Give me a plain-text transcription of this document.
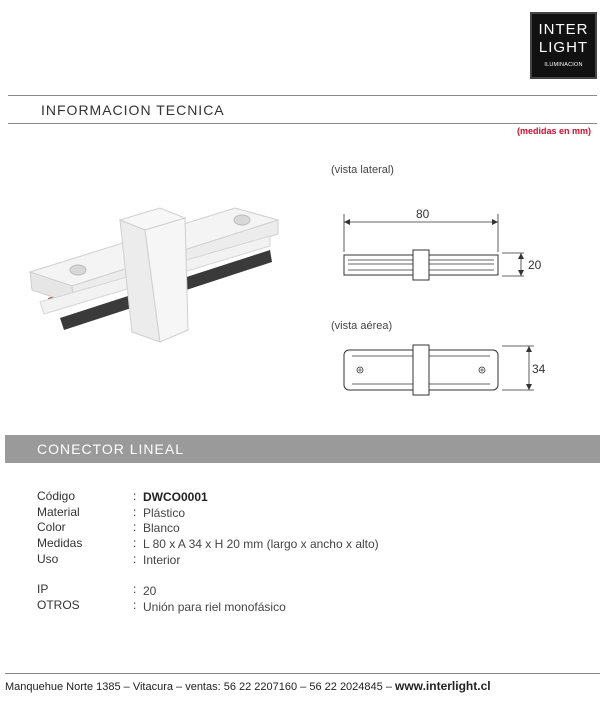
INTER
LIGHT
ILUMINACION
INFORMACION TECNICA
(medidas en mm)
(vista lateral)
80
20
(vista aérea)
34
CONECTOR LINEAL
Código	: DWCO0001
Material	: Plástico
Color	: Blanco
Medidas	: L 80 x A 34 x H 20 mm (largo x ancho x alto)
Uso	: Interior
IP	: 20
OTROS	: Unión para riel monofásico
Manquehue Norte 1385 – Vitacura – ventas: 56 22 2207160 – 56 22 2024845 – www.interlight.cl
